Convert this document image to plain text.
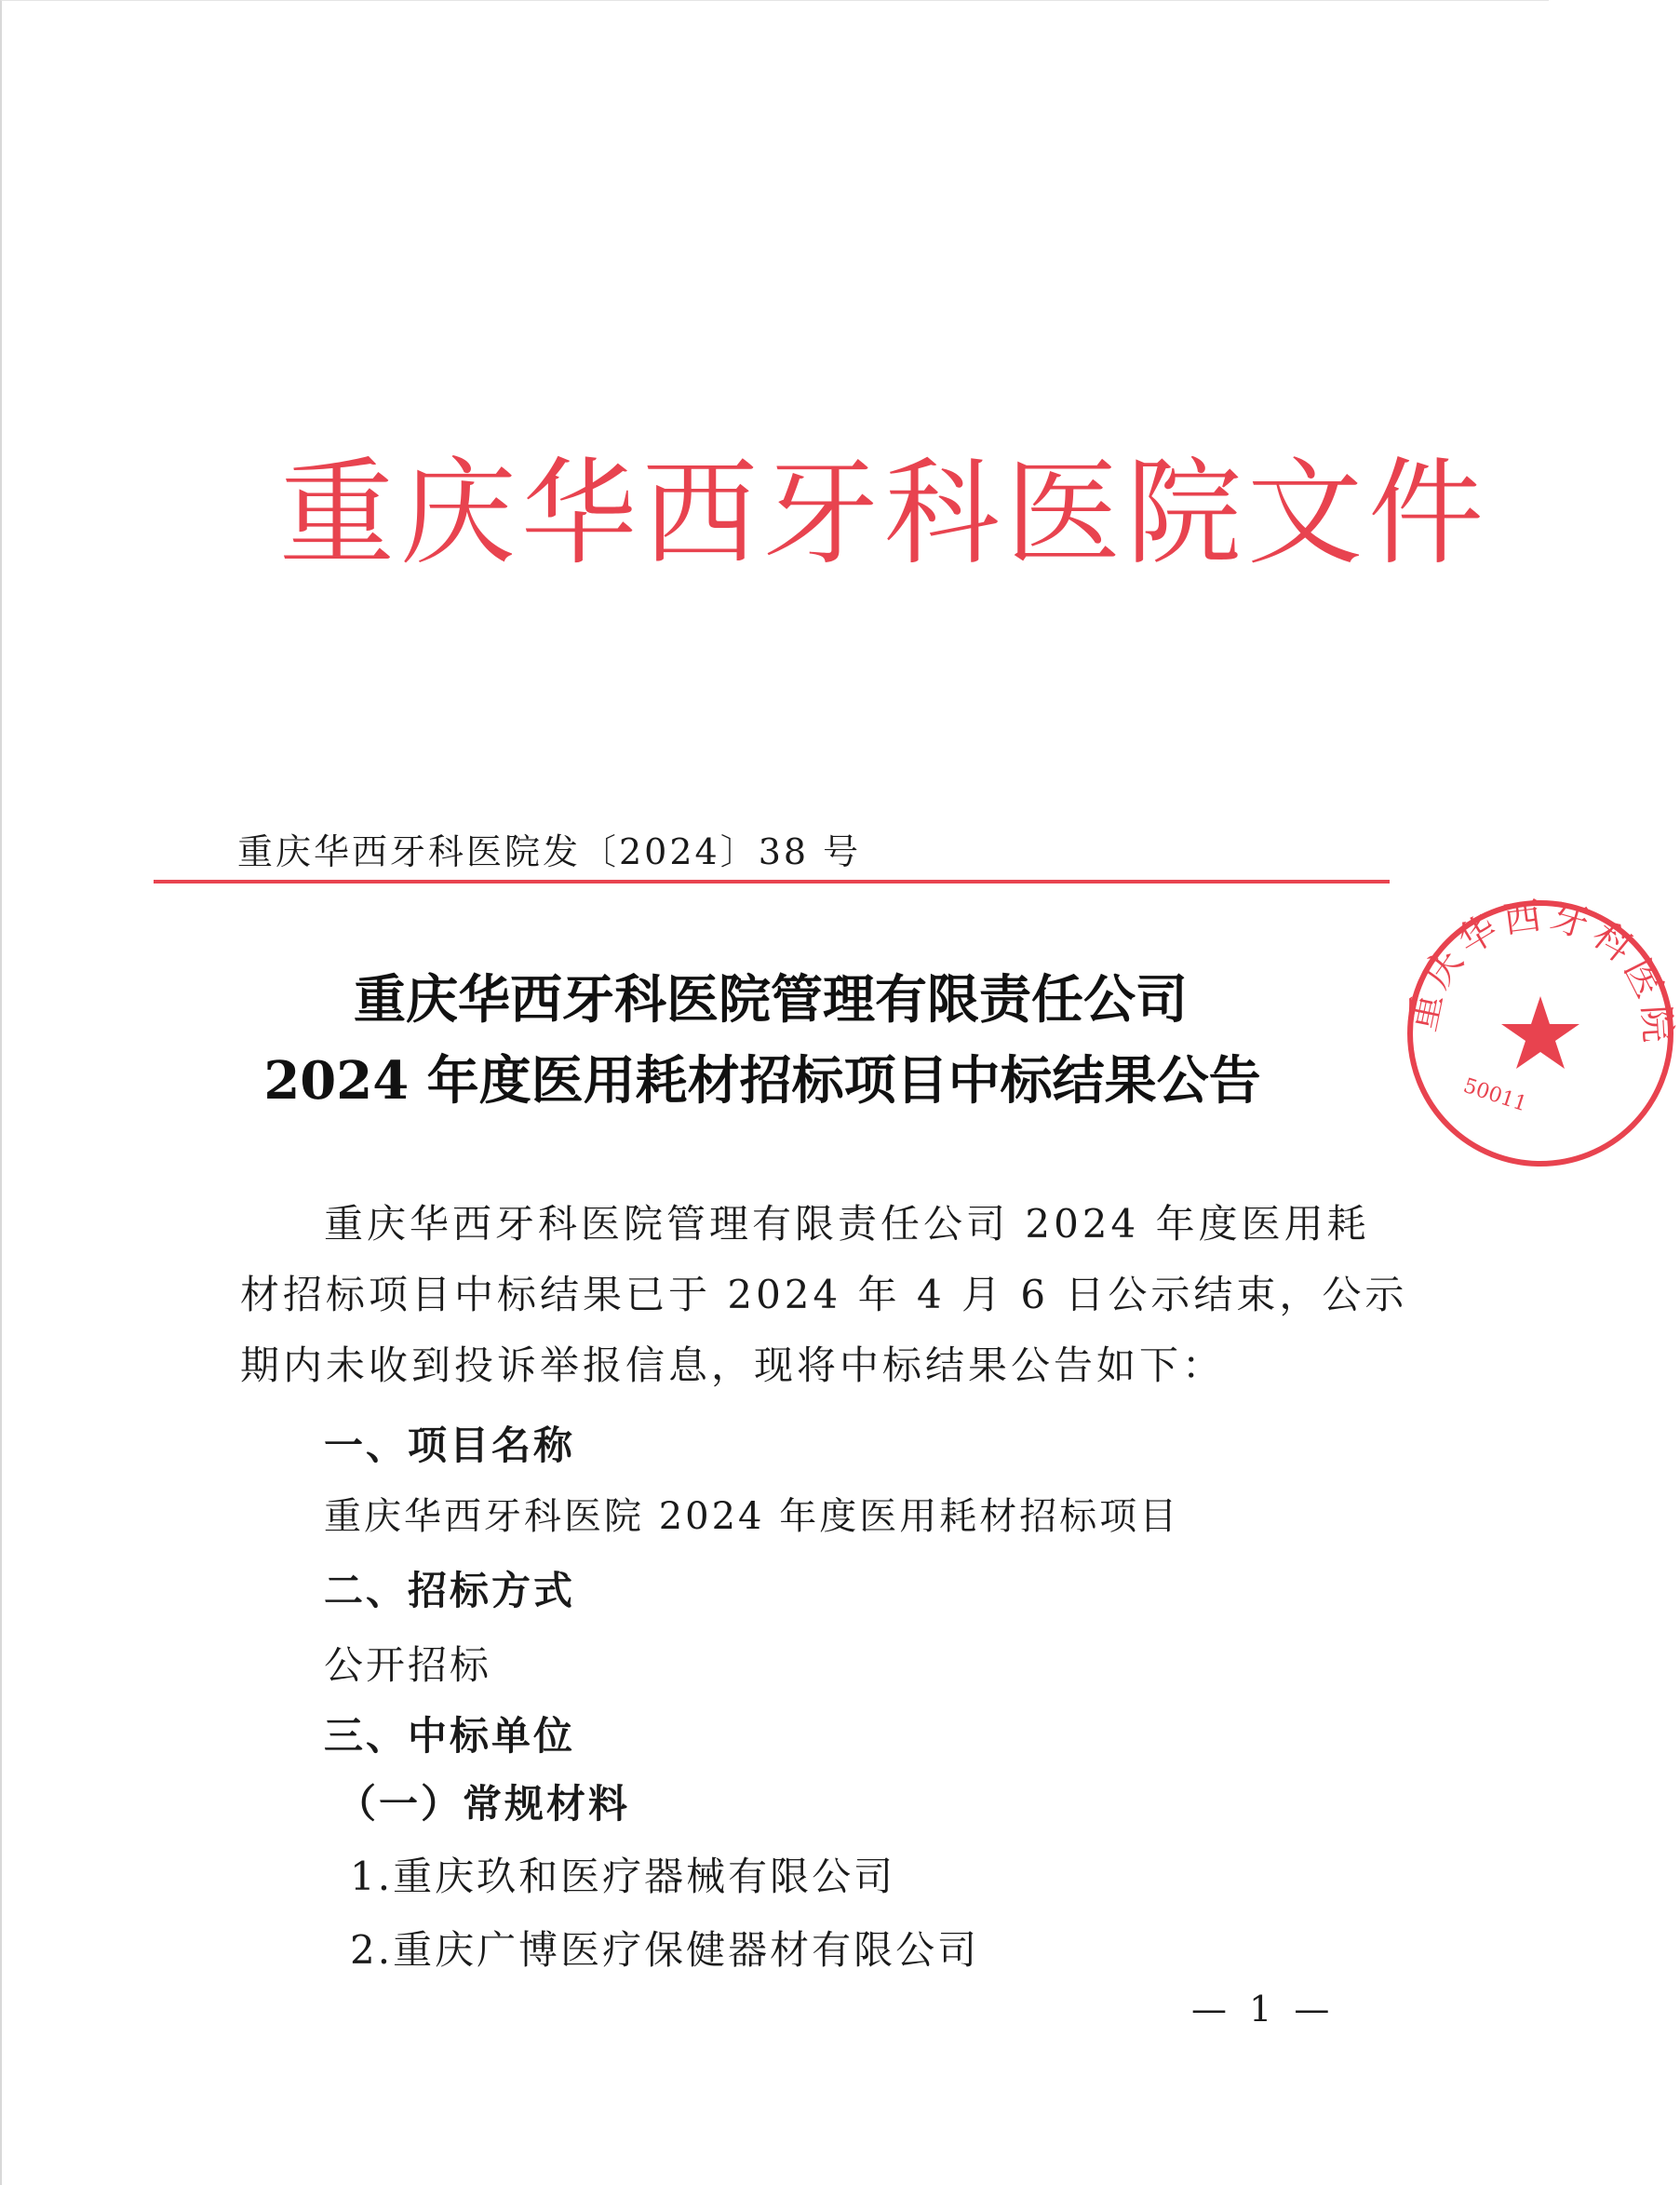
重庆华西牙科医院文件
重庆华西牙科医院发〔2024〕38 号
重庆华西牙科医院
50011
重庆华西牙科医院管理有限责任公司
2024 年度医用耗材招标项目中标结果公告
重庆华西牙科医院管理有限责任公司 2024 年度医用耗
材招标项目中标结果已于 2024 年 4 月 6 日公示结束，公示
期内未收到投诉举报信息，现将中标结果公告如下：
一、项目名称
重庆华西牙科医院 2024 年度医用耗材招标项目
二、招标方式
公开招标
三、中标单位
（一）常规材料
1.重庆玖和医疗器械有限公司
2.重庆广博医疗保健器材有限公司
— 1 —
